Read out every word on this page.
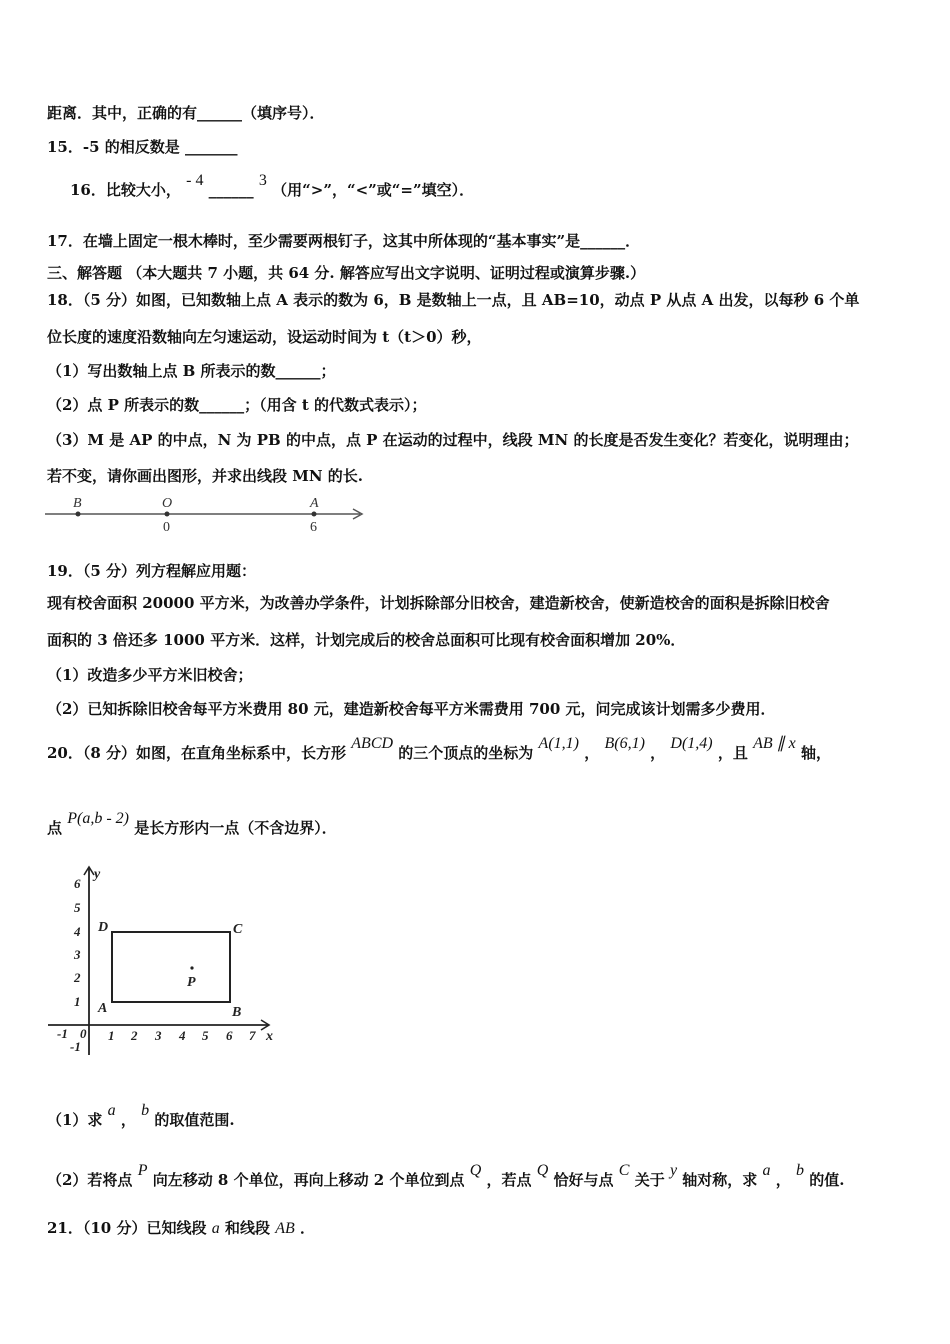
距离．其中，正确的有______（填序号）．
15．-5 的相反数是 _______
16．比较大小， - 4 ______ 3 （用“>”，“<”或“=”填空）．
17．在墙上固定一根木棒时，至少需要两根钉子，这其中所体现的“基本事实”是______．
三、解答题 （本大题共 7 小题，共 64 分. 解答应写出文字说明、证明过程或演算步骤.）
18．（5 分）如图，已知数轴上点 A 表示的数为 6，B 是数轴上一点，且 AB=10，动点 P 从点 A 出发，以每秒 6 个单
位长度的速度沿数轴向左匀速运动，设运动时间为 t（t＞0）秒，
（1）写出数轴上点 B 所表示的数______；
（2）点 P 所表示的数______；（用含 t 的代数式表示）；
（3）M 是 AP 的中点，N 为 PB 的中点，点 P 在运动的过程中，线段 MN 的长度是否发生变化？若变化，说明理由；
若不变，请你画出图形，并求出线段 MN 的长.
B	O	A
0	6
19．（5 分）列方程解应用题：
现有校舍面积 20000 平方米，为改善办学条件，计划拆除部分旧校舍，建造新校舍，使新造校舍的面积是拆除旧校舍
面积的 3 倍还多 1000 平方米．这样，计划完成后的校舍总面积可比现有校舍面积增加 20%．
（1）改造多少平方米旧校舍；
（2）已知拆除旧校舍每平方米费用 80 元，建造新校舍每平方米需费用 700 元，问完成该计划需多少费用．
20．（8 分）如图，在直角坐标系中，长方形 ABCD 的三个顶点的坐标为 A(1,1) ， B(6,1) ， D(1,4) ，且 AB ∥ x 轴，
点 P(a,b - 2) 是长方形内一点（不含边界）．
6
5
4
3
2
1
-1
-1 0 1 2 3 4 5 6 7 x
y
A	B
C
D
P
（1）求 a ， b 的取值范围.
（2）若将点 P 向左移动 8 个单位，再向上移动 2 个单位到点 Q ，若点 Q 恰好与点 C 关于 y 轴对称，求 a ， b 的值.
21．（10 分）已知线段 a 和线段 AB ．
